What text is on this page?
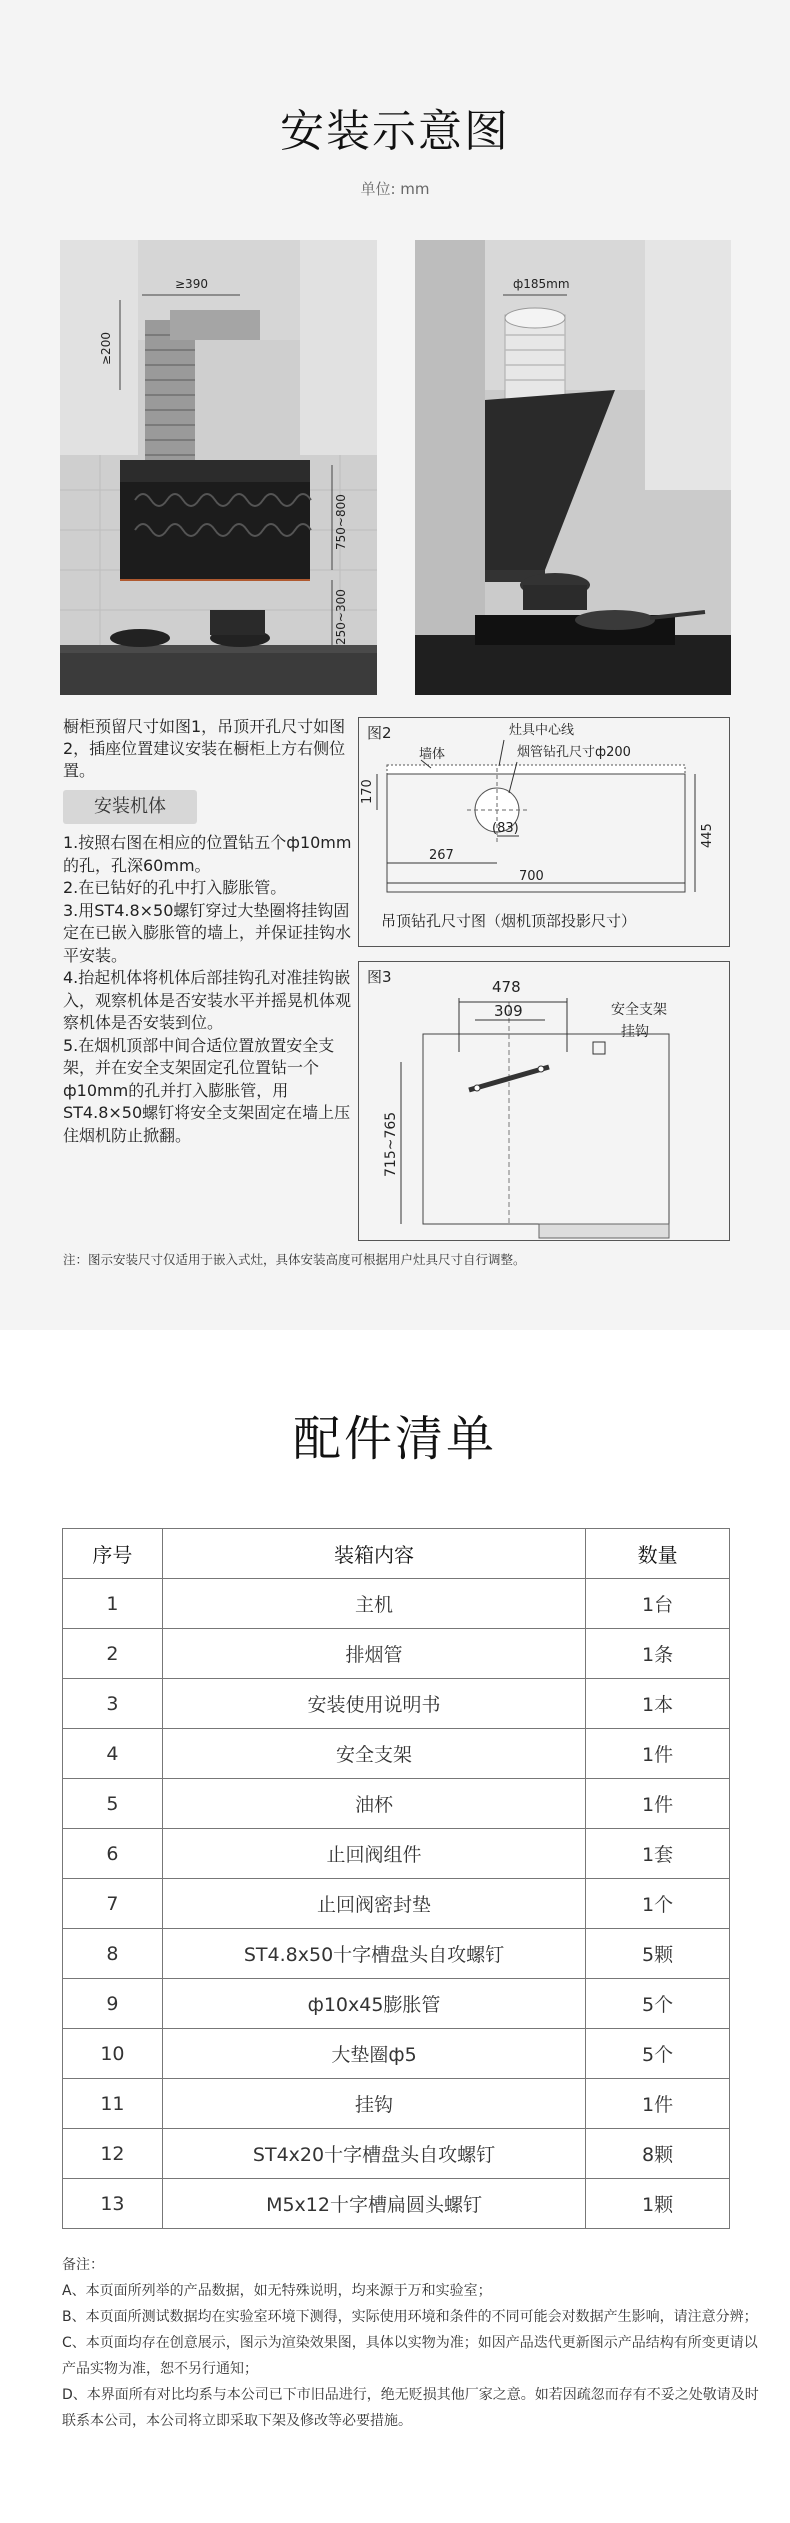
安装示意图
单位: mm
≥390
≥200
750~800
250~300
ф185mm
橱柜预留尺寸如图1，吊顶开孔尺寸如图2，插座位置建议安装在橱柜上方右侧位置。
安装机体

1.按照右图在相应的位置钻五个ф10mm的孔，孔深60mm。

2.在已钻好的孔中打入膨胀管。

3.用ST4.8×50螺钉穿过大垫圈将挂钩固定在已嵌入膨胀管的墙上，并保证挂钩水平安装。

4.抬起机体将机体后部挂钩孔对准挂钩嵌入，观察机体是否安装水平并摇晃机体观察机体是否安装到位。

5.在烟机顶部中间合适位置放置安全支架，并在安全支架固定孔位置钻一个ф10mm的孔并打入膨胀管，用ST4.8×50螺钉将安全支架固定在墙上压住烟机防止掀翻。

图2
墙体
灶具中心线
烟管钻孔尺寸ф200
170
(83)
267
700
445
吊顶钻孔尺寸图（烟机顶部投影尺寸）
图3
478
309	安全支架
挂钩
715~765
注：图示安装尺寸仅适用于嵌入式灶，具体安装高度可根据用户灶具尺寸自行调整。
配件清单
序号	装箱内容	数量
1	主机	1台
2	排烟管	1条
3	安装使用说明书	1本
4	安全支架	1件
5	油杯	1件
6	止回阀组件	1套
7	止回阀密封垫	1个
8	ST4.8x50十字槽盘头自攻螺钉	5颗
9	ф10x45膨胀管	5个
10	大垫圈ф5	5个
11	挂钩	1件
12	ST4x20十字槽盘头自攻螺钉	8颗
13	M5x12十字槽扁圆头螺钉	1颗
备注：
A、本页面所列举的产品数据，如无特殊说明，均来源于万和实验室；
B、本页面所测试数据均在实验室环境下测得，实际使用环境和条件的不同可能会对数据产生影响，请注意分辨；
C、本页面均存在创意展示，图示为渲染效果图，具体以实物为准；如因产品迭代更新图示产品结构有所变更请以产品实物为准，恕不另行通知；
D、本界面所有对比均系与本公司已下市旧品进行，绝无贬损其他厂家之意。如若因疏忽而存有不妥之处敬请及时联系本公司，本公司将立即采取下架及修改等必要措施。
